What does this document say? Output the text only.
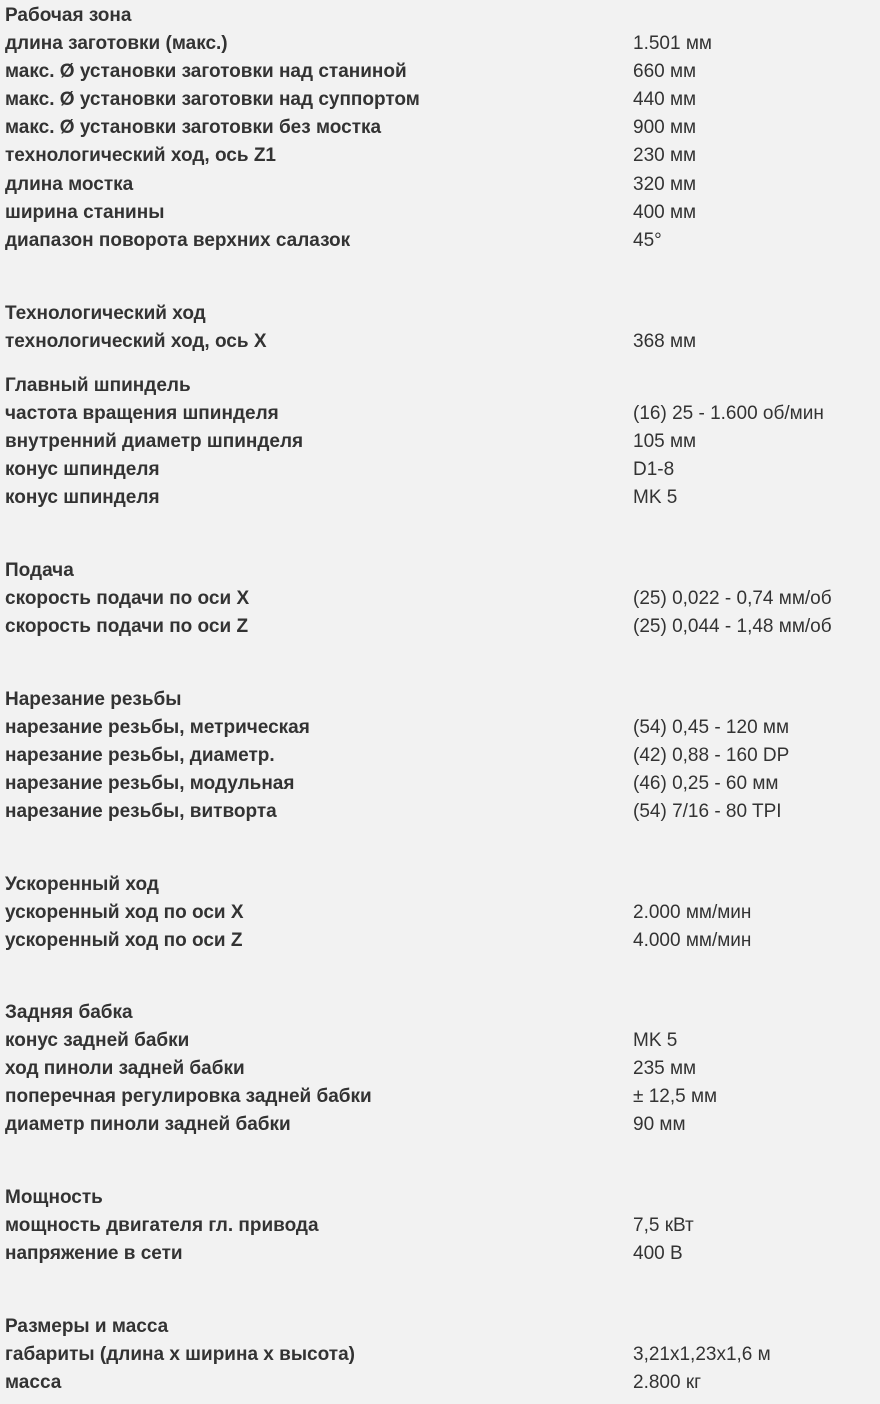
Рабочая зона
длина заготовки (макс.)	1.501 мм
макс. Ø установки заготовки над станиной	660 мм
макс. Ø установки заготовки над суппортом	440 мм
макс. Ø установки заготовки без мостка	900 мм
технологический ход, ось Z1	230 мм
длина мостка	320 мм
ширина станины	400 мм
диапазон поворота верхних салазок	45°
Технологический ход
технологический ход, ось X	368 мм
Главный шпиндель
частота вращения шпинделя	(16) 25 - 1.600 об/мин
внутренний диаметр шпинделя	105 мм
конус шпинделя	D1-8
конус шпинделя	MK 5
Подача
скорость подачи по оси X	(25) 0,022 - 0,74 мм/об
скорость подачи по оси Z	(25) 0,044 - 1,48 мм/об
Нарезание резьбы
нарезание резьбы, метрическая	(54) 0,45 - 120 мм
нарезание резьбы, диаметр.	(42) 0,88 - 160 DP
нарезание резьбы, модульная	(46) 0,25 - 60 мм
нарезание резьбы, витворта	(54) 7/16 - 80 TPI
Ускоренный ход
ускоренный ход по оси X	2.000 мм/мин
ускоренный ход по оси Z	4.000 мм/мин
Задняя бабка
конус задней бабки	MK 5
ход пиноли задней бабки	235 мм
поперечная регулировка задней бабки	± 12,5 мм
диаметр пиноли задней бабки	90 мм
Мощность
мощность двигателя гл. привода	7,5 кВт
напряжение в сети	400 В
Размеры и масса
габариты (длина x ширина x высота)	3,21x1,23x1,6 м
масса	2.800 кг
